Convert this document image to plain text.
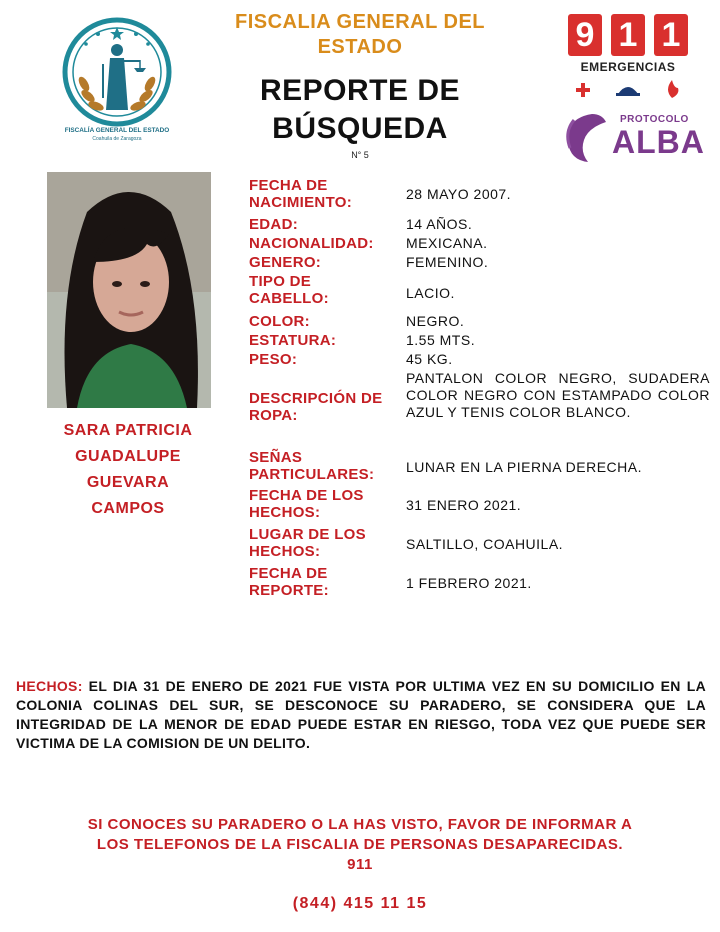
FISCALÍA GENERAL DEL ESTADO
Coahuila de Zaragoza
FISCALIA GENERAL DEL ESTADO
REPORTE DE BÚSQUEDA
N° 5
9 1 1
EMERGENCIAS
PROTOCOLO
ALBA
SARA PATRICIA
GUADALUPE
GUEVARA
CAMPOS
FECHA DE NACIMIENTO:	28 MAYO 2007.
EDAD:	14 AÑOS.
NACIONALIDAD:	MEXICANA.
GENERO:	FEMENINO.
TIPO DE CABELLO:	LACIO.
COLOR:	NEGRO.
ESTATURA:	1.55 MTS.
PESO:	45 KG.
DESCRIPCIÓN DE ROPA:
PANTALON COLOR NEGRO, SUDADERA COLOR NEGRO CON ESTAMPADO COLOR AZUL Y TENIS COLOR BLANCO.
SEÑAS PARTICULARES:	LUNAR EN LA PIERNA DERECHA.
FECHA DE LOS HECHOS:	31 ENERO 2021.
LUGAR DE LOS HECHOS:	SALTILLO, COAHUILA.
FECHA DE REPORTE:	1 FEBRERO 2021.
HECHOS: EL DIA 31 DE ENERO DE 2021 FUE VISTA POR ULTIMA VEZ EN SU DOMICILIO EN LA COLONIA COLINAS DEL SUR, SE DESCONOCE SU PARADERO, SE CONSIDERA QUE LA INTEGRIDAD DE LA MENOR DE EDAD PUEDE ESTAR EN RIESGO, TODA VEZ QUE PUEDE SER VICTIMA DE LA COMISION DE UN DELITO.
SI CONOCES SU PARADERO O LA HAS VISTO, FAVOR DE INFORMAR A
LOS TELEFONOS DE LA FISCALIA DE PERSONAS DESAPARECIDAS.
911
(844) 415 11 15
